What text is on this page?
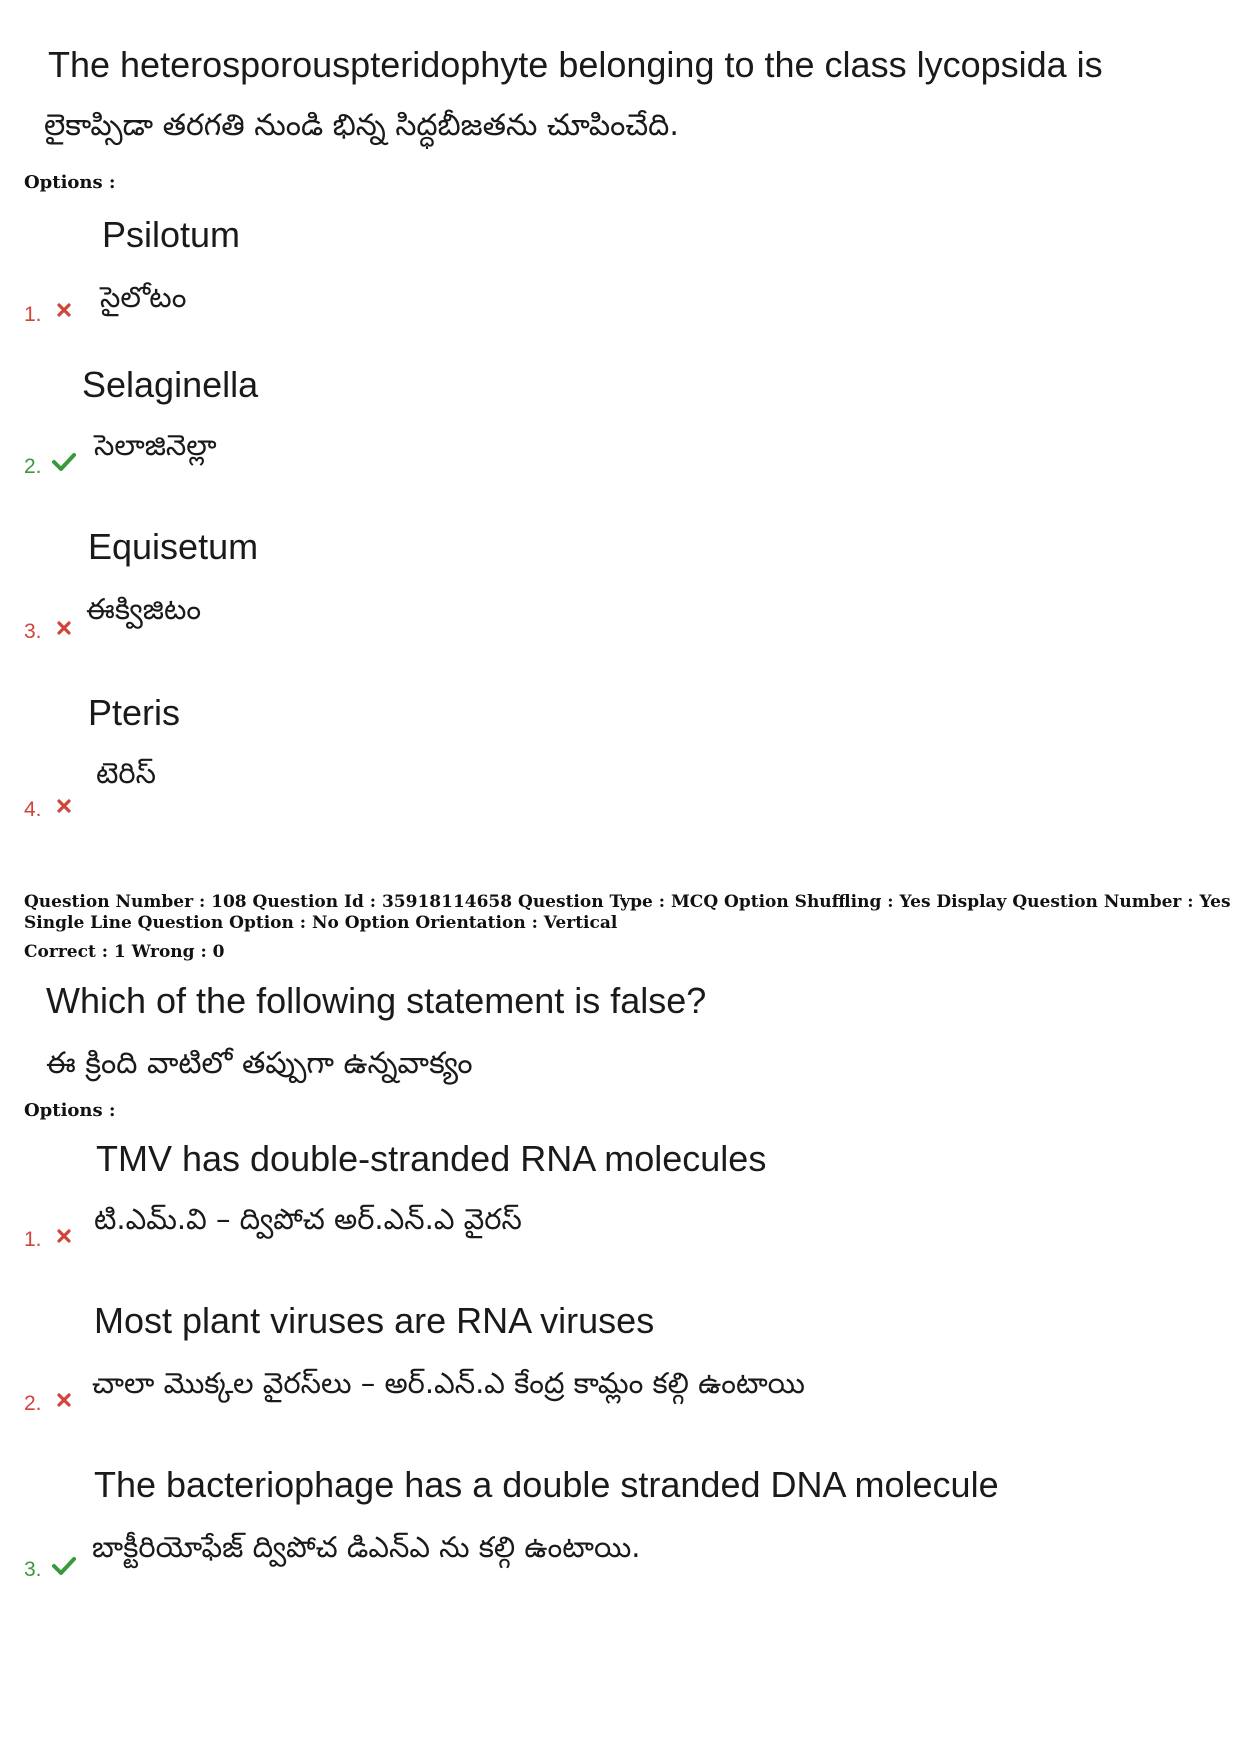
The heterosporouspteridophyte belonging to the class lycopsida is
లైకాప్సిడా తరగతి నుండి భిన్న సిద్ధబీజతను చూపించేది.
Options :
Psilotum
సైలోటం
1.
Selaginella
సెలాజినెల్లా
2.
Equisetum
ఈక్విజిటం
3.
Pteris
టెరిస్
4.
Question Number : 108 Question Id : 35918114658 Question Type : MCQ Option Shuffling : Yes Display Question Number : Yes
Single Line Question Option : No Option Orientation : Vertical
Correct : 1 Wrong : 0
Which of the following statement is false?
ఈ క్రింది వాటిలో తప్పుగా ఉన్నవాక్యం
Options :
TMV has double-stranded RNA molecules
టి.ఎమ్.వి – ద్విపోచ అర్.ఎన్.ఎ వైరస్
1.
Most plant viruses are RNA viruses
చాలా మొక్కల వైరస్‌లు – అర్.ఎన్.ఎ కేంద్ర కామ్లం కల్గి ఉంటాయి
2.
The bacteriophage has a double stranded DNA molecule
బాక్టీరియోఫేజ్ ద్విపోచ డిఎన్ఎ ను కల్గి ఉంటాయి.
3.
